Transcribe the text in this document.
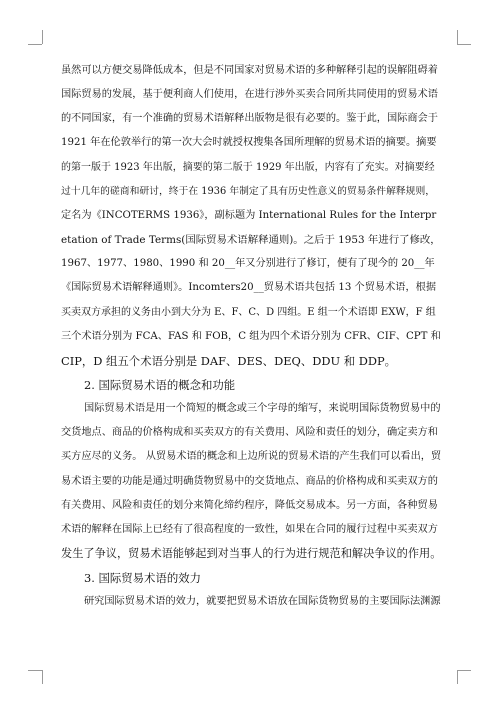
虽然可以方便交易降低成本，但是不同国家对贸易术语的多种解释引起的误解阻碍着
国际贸易的发展，基于便利商人们使用，在进行涉外买卖合同所共同使用的贸易术语
的不同国家，有一个准确的贸易术语解释出版物是很有必要的。鉴于此，国际商会于
1921 年在伦敦举行的第一次大会时就授权搜集各国所理解的贸易术语的摘要。摘要
的第一版于 1923 年出版，摘要的第二版于 1929 年出版，内容有了充实。对摘要经
过十几年的磋商和研讨，终于在 1936 年制定了具有历史性意义的贸易条件解释规则，
定名为《INCOTERMS 1936》，副标题为 International Rules for the Interpr
etation of Trade Terms(国际贸易术语解释通则)。之后于 1953 年进行了修改，
1967、1977、1980、1990 和 20__年又分别进行了修订，便有了现今的 20__年
《国际贸易术语解释通则》。Incomters20__贸易术语共包括 13 个贸易术语，根据
买卖双方承担的义务由小到大分为 E、F、C、D 四组。E 组一个术语即 EXW，F 组
三个术语分别为 FCA、FAS 和 FOB，C 组为四个术语分别为 CFR、CIF、CPT 和
CIP，D 组五个术语分别是 DAF、DES、DEQ、DDU 和 DDP。
2. 国际贸易术语的概念和功能
国际贸易术语是用一个简短的概念或三个字母的缩写，来说明国际货物贸易中的
交货地点、商品的价格构成和买卖双方的有关费用、风险和责任的划分，确定卖方和
买方应尽的义务。 从贸易术语的概念和上边所说的贸易术语的产生我们可以看出，贸
易术语主要的功能是通过明确货物贸易中的交货地点、商品的价格构成和买卖双方的
有关费用、风险和责任的划分来简化缔约程序，降低交易成本。另一方面，各种贸易
术语的解释在国际上已经有了很高程度的一致性，如果在合同的履行过程中买卖双方
发生了争议，贸易术语能够起到对当事人的行为进行规范和解决争议的作用。
3. 国际贸易术语的效力
研究国际贸易术语的效力，就要把贸易术语放在国际货物贸易的主要国际法渊源
